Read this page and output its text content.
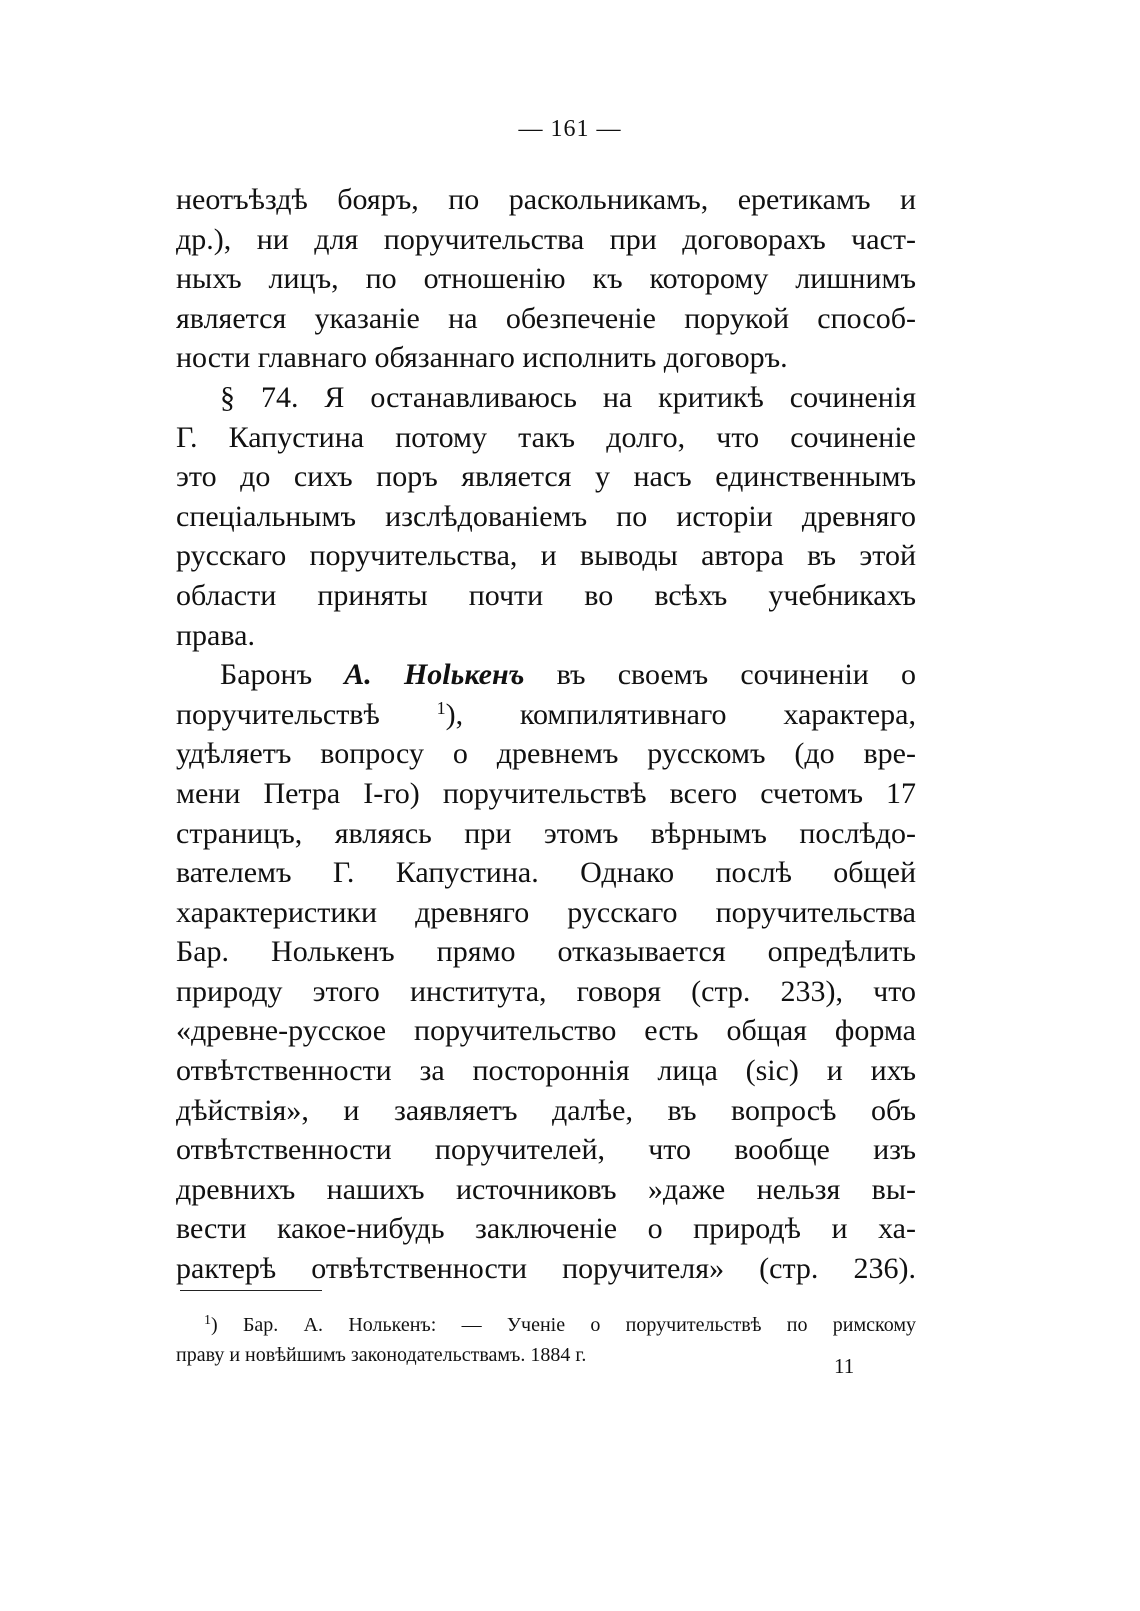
— 161 —
неотъѣздѣ бояръ, по раскольникамъ, еретикамъ и
др.), ни для поручительства при договорахъ част-
ныхъ лицъ, по отношенію къ которому лишнимъ
является указаніе на обезпеченіе порукой способ-
ности главнаго обязаннаго исполнить договоръ.
§ 74. Я останавливаюсь на критикѣ сочиненія
Г. Капустина потому такъ долго, что сочиненіе
это до сихъ поръ является у насъ единственнымъ
спеціальнымъ изслѣдованіемъ по исторіи древняго
русскаго поручительства, и выводы автора въ этой
области приняты почти во всѣхъ учебникахъ
права.
Баронъ А. Ноlькенъ въ своемъ сочиненіи о
поручительствѣ	$^1$), компилятивнаго характера,
удѣляетъ вопросу о древнемъ русскомъ (до вре-
мени Петра I-го) поручительствѣ всего счетомъ 17
страницъ, являясь при этомъ вѣрнымъ послѣдо-
вателемъ Г. Капустина. Однако послѣ общей
характеристики древняго русскаго поручительства
Бар. Нолькенъ прямо отказывается опредѣлить
природу этого института, говоря (стр. 233), что
«древне-русское поручительство есть общая форма
отвѣтственности за постороннія лица (sic) и ихъ
дѣйствія», и заявляетъ далѣе, въ вопросѣ объ
отвѣтственности поручителей, что вообще изъ
древнихъ нашихъ источниковъ »даже нельзя вы-
вести какое-нибудь заключеніе о природѣ и ха-
рактерѣ отвѣтственности поручителя» (стр. 236).
$^1$) Бар. А. Нолькенъ: — Ученіе о поручительствѣ по римскому
праву и новѣйшимъ законодательствамъ. 1884 г.	11
